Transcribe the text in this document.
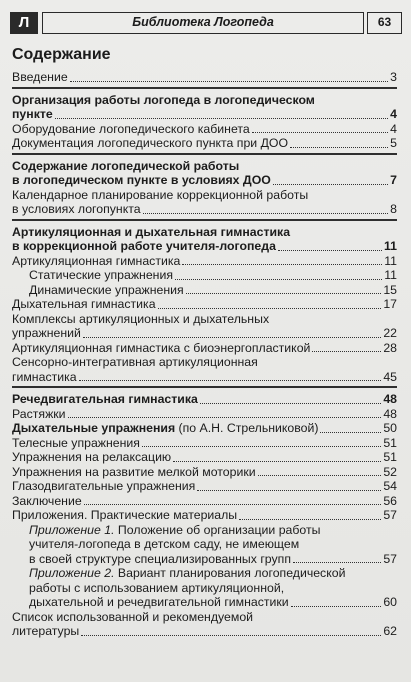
Л	Библиотека Логопеда	63
Содержание
Введение	3
Организация работы логопеда в логопедическом
пункте	4
Оборудование логопедического кабинета	4
Документация логопедического пункта при ДОО	5
Содержание логопедической работы
в логопедическом пункте в условиях ДОО	7
Календарное планирование коррекционной работы
в условиях логопункта	8
Артикуляционная и дыхательная гимнастика
в коррекционной работе учителя-логопеда	11
Артикуляционная гимнастика	11
Статические упражнения	11
Динамические упражнения	15
Дыхательная гимнастика	17
Комплексы артикуляционных и дыхательных
упражнений	22
Артикуляционная гимнастика с биоэнергопластикой	28
Сенсорно-интегративная артикуляционная
гимнастика	45
Речедвигательная гимнастика	48
Растяжки	48
Дыхательные упражнения (по А.Н. Стрельниковой)	50
Телесные упражнения	51
Упражнения на релаксацию	51
Упражнения на развитие мелкой моторики	52
Глазодвигательные упражнения	54
Заключение	56
Приложения. Практические материалы	57
Приложение 1. Положение об организации работы
учителя-логопеда в детском саду, не имеющем
в своей структуре специализированных групп	57
Приложение 2. Вариант планирования логопедической
работы с использованием артикуляционной,
дыхательной и речедвигательной гимнастики	60
Список использованной и рекомендуемой
литературы	62
